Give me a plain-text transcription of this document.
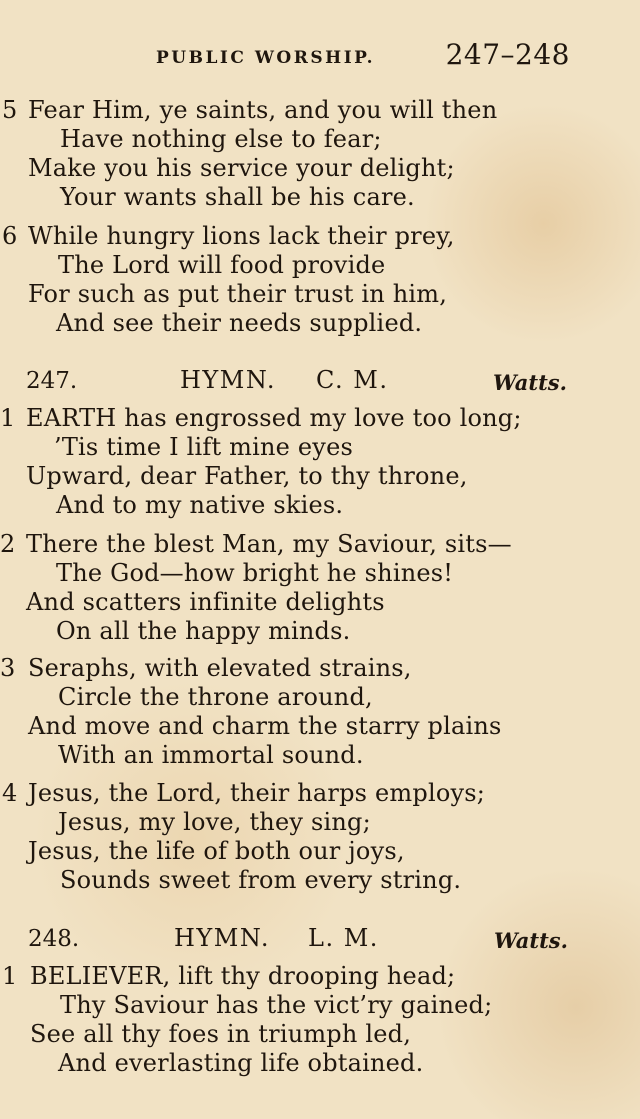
PUBLIC WORSHIP.	247–248
5 Fear Him, ye saints, and you will then
Have nothing else to fear;
Make you his service your delight;
Your wants shall be his care.
6 While hungry lions lack their prey,
The Lord will food provide
For such as put their trust in him,
And see their needs supplied.
247.	HYMN. C. M.	Watts.
1 EARTH has engrossed my love too long;
’Tis time I lift mine eyes
Upward, dear Father, to thy throne,
And to my native skies.
2 There the blest Man, my Saviour, sits—
The God—how bright he shines!
And scatters infinite delights
On all the happy minds.
3 Seraphs, with elevated strains,
Circle the throne around,
And move and charm the starry plains
With an immortal sound.
4 Jesus, the Lord, their harps employs;
Jesus, my love, they sing;
Jesus, the life of both our joys,
Sounds sweet from every string.
248.	HYMN. L. M.	Watts.
1 BELIEVER, lift thy drooping head;
Thy Saviour has the vict’ry gained;
See all thy foes in triumph led,
And everlasting life obtained.
